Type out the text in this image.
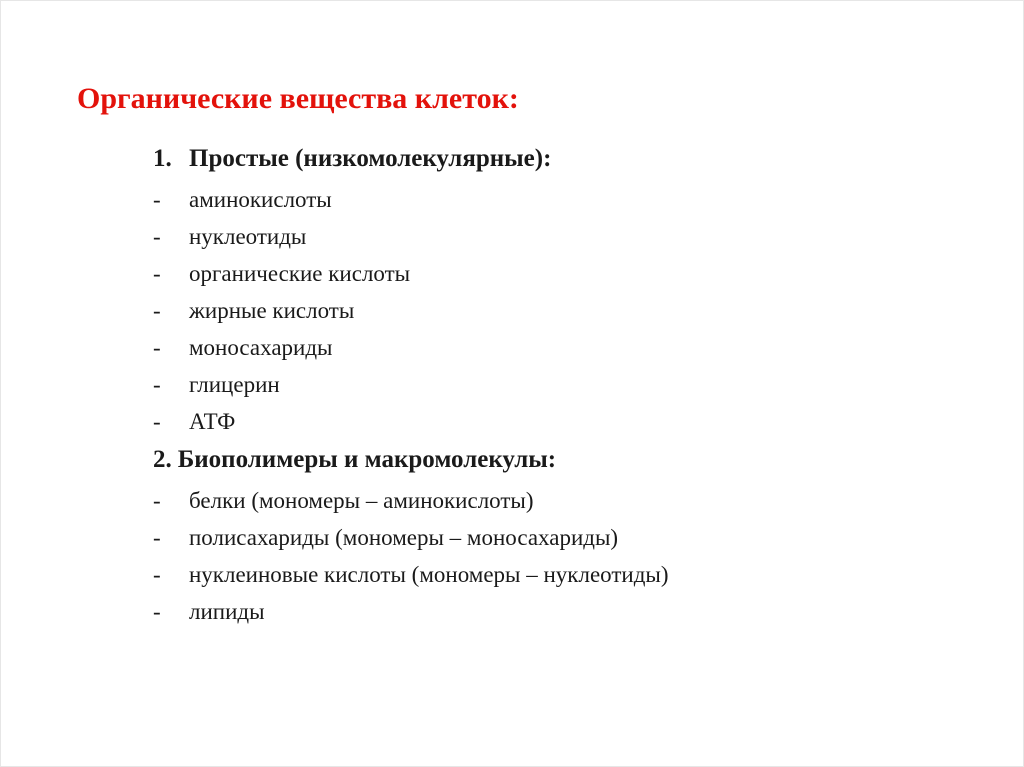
Органические вещества клеток:
1. Простые (низкомолекулярные):
- аминокислоты
- нуклеотиды
- органические кислоты
- жирные кислоты
- моносахариды
- глицерин
- АТФ
2. Биополимеры и макромолекулы:
- белки (мономеры – аминокислоты)
- полисахариды (мономеры – моносахариды)
- нуклеиновые кислоты (мономеры – нуклеотиды)
- липиды
